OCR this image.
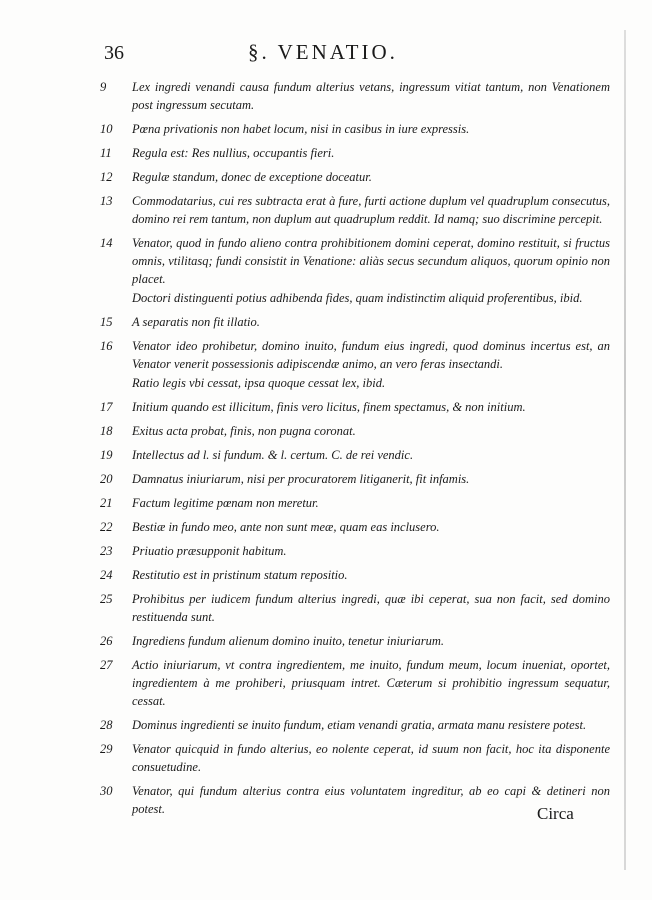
36	§. VENATIO.
9	Lex ingredi venandi causa fundum alterius vetans, ingressum vitiat tantum, non Venationem post ingressum secutam.
10	Pœna privationis non habet locum, nisi in casibus in iure expressis.
11	Regula est: Res nullius, occupantis fieri.
12	Regulæ standum, donec de exceptione doceatur.
13	Commodatarius, cui res subtracta erat à fure, furti actione duplum vel quadruplum consecutus, domino rei rem tantum, non duplum aut quadruplum reddit. Id namq; suo discrimine percepit.
14	Venator, quod in fundo alieno contra prohibitionem domini ceperat, domino restituit, si fructus omnis, vtilitasq; fundi consistit in Venatione: aliàs secus secundum aliquos, quorum opinio non placet.
Doctori distinguenti potius adhibenda fides, quam indistinctim aliquid proferentibus, ibid.
15	A separatis non fit illatio.
16	Venator ideo prohibetur, domino inuito, fundum eius ingredi, quod dominus incertus est, an Venator venerit possessionis adipiscendæ animo, an vero feras insectandi.
Ratio legis vbi cessat, ipsa quoque cessat lex, ibid.
17	Initium quando est illicitum, finis vero licitus, finem spectamus, & non initium.
18	Exitus acta probat, finis, non pugna coronat.
19	Intellectus ad l. si fundum. & l. certum. C. de rei vendic.
20	Damnatus iniuriarum, nisi per procuratorem litiganerit, fit infamis.
21	Factum legitime pœnam non meretur.
22	Bestiæ in fundo meo, ante non sunt meæ, quam eas inclusero.
23	Priuatio præsupponit habitum.
24	Restitutio est in pristinum statum repositio.
25	Prohibitus per iudicem fundum alterius ingredi, quæ ibi ceperat, sua non facit, sed domino restituenda sunt.
26	Ingrediens fundum alienum domino inuito, tenetur iniuriarum.
27	Actio iniuriarum, vt contra ingredientem, me inuito, fundum meum, locum inueniat, oportet, ingredientem à me prohiberi, priusquam intret. Cæterum si prohibitio ingressum sequatur, cessat.
28	Dominus ingredienti se inuito fundum, etiam venandi gratia, armata manu resistere potest.
29	Venator quicquid in fundo alterius, eo nolente ceperat, id suum non facit, hoc ita disponente consuetudine.
30	Venator, qui fundum alterius contra eius voluntatem ingreditur, ab eo capi & detineri non potest.	Circa
